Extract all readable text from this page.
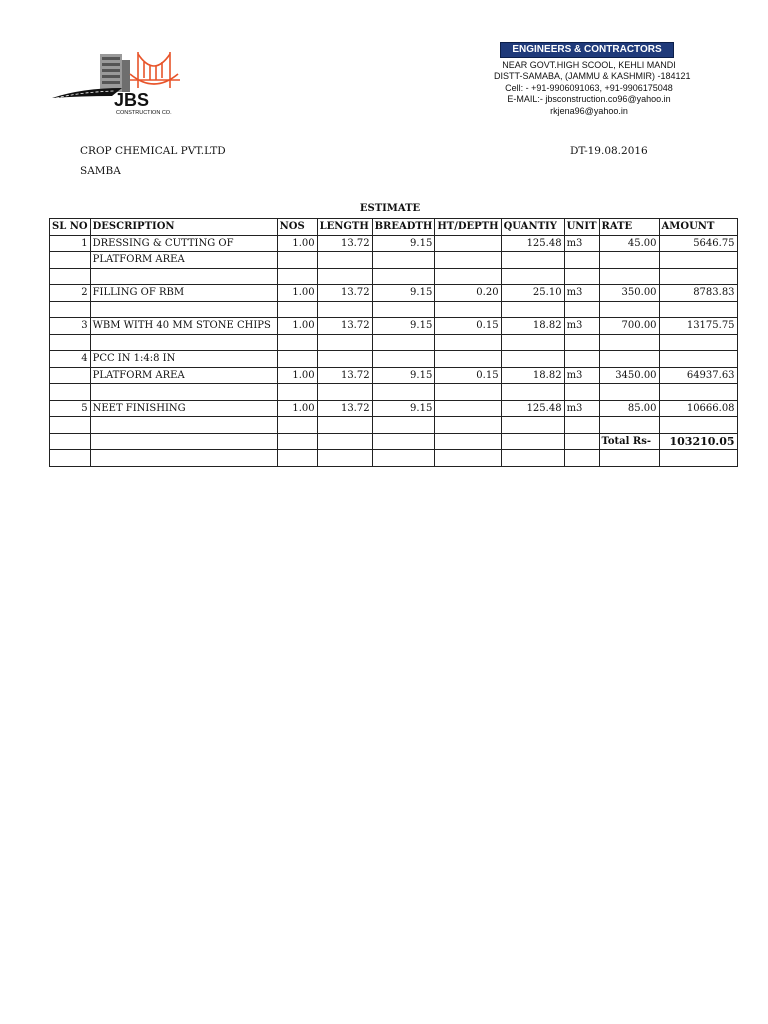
JBS
CONSTRUCTION CO.
ENGINEERS & CONTRACTORS
NEAR GOVT.HIGH SCOOL, KEHLI MANDI
DISTT-SAMABA, (JAMMU & KASHMIR) -184121
Cell: - +91-9906091063, +91-9906175048
E-MAIL:- jbsconstruction.co96@yahoo.in
rkjena96@yahoo.in
CROP CHEMICAL PVT.LTD
SAMBA
DT-19.08.2016
ESTIMATE
SL NO	DESCRIPTION	NOS	LENGTH	BREADTH	HT/DEPTH	QUANTIY	UNIT	RATE	AMOUNT
1	DRESSING & CUTTING OF	1.00	13.72	9.15		125.48	m3	45.00	5646.75
	PLATFORM AREA								

2	FILLING OF RBM	1.00	13.72	9.15	0.20	25.10	m3	350.00	8783.83

3	WBM WITH 40 MM STONE CHIPS	1.00	13.72	9.15	0.15	18.82	m3	700.00	13175.75

4	PCC IN 1:4:8 IN								
	PLATFORM AREA	1.00	13.72	9.15	0.15	18.82	m3	3450.00	64937.63

5	NEET FINISHING	1.00	13.72	9.15		125.48	m3	85.00	10666.08

								Total Rs-	103210.05
